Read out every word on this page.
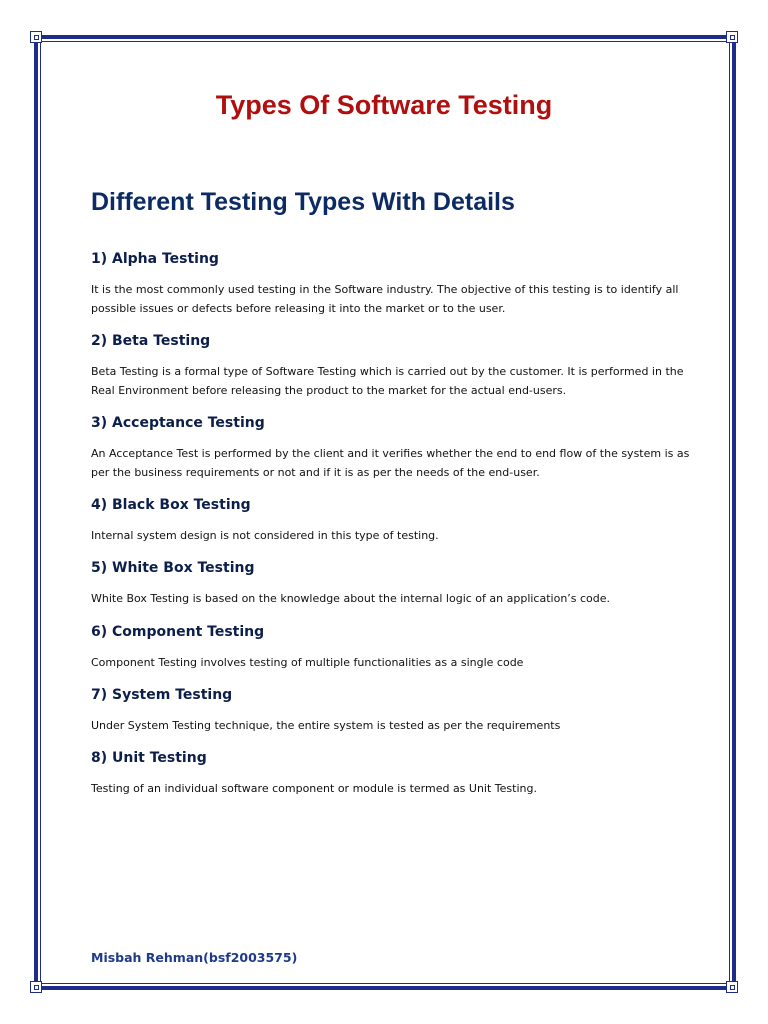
Types Of Software Testing
Different Testing Types With Details

1) Alpha Testing

It is the most commonly used testing in the Software industry. The objective of this testing is to identify all possible issues or defects before releasing it into the market or to the user.

2) Beta Testing

Beta Testing is a formal type of Software Testing which is carried out by the customer. It is performed in the Real Environment before releasing the product to the market for the actual end-users.

3) Acceptance Testing

An Acceptance Test is performed by the client and it verifies whether the end to end flow of the system is as per the business requirements or not and if it is as per the needs of the end-user.

4) Black Box Testing

Internal system design is not considered in this type of testing.

5) White Box Testing

White Box Testing is based on the knowledge about the internal logic of an application’s code.

6) Component Testing

Component Testing involves testing of multiple functionalities as a single code

7) System Testing

Under System Testing technique, the entire system is tested as per the requirements

8) Unit Testing

Testing of an individual software component or module is termed as Unit Testing.

Misbah Rehman(bsf2003575)
